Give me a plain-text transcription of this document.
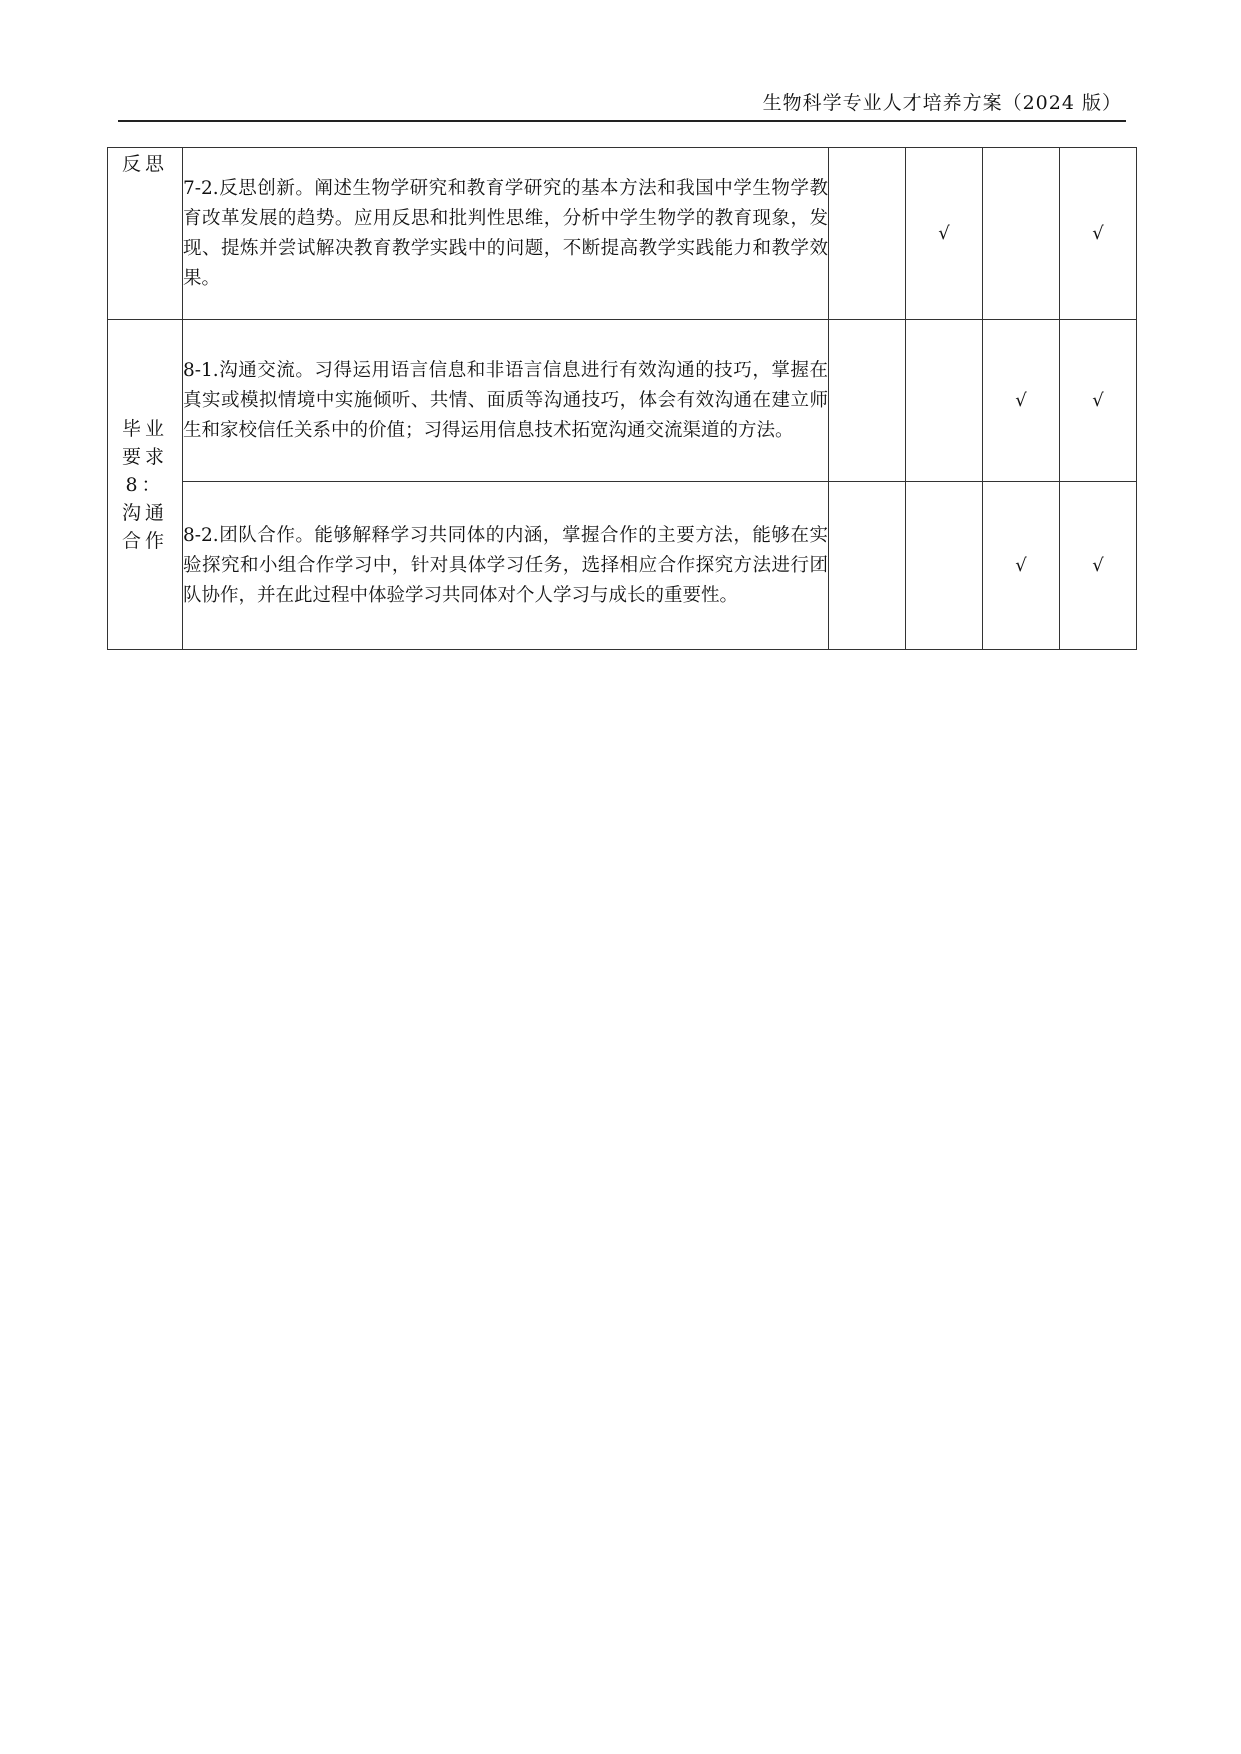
生物科学专业人才培养方案（2024 版）
反思	7-2.反思创新。阐述生物学研究和教育学研究的基本方法和我国中学生物学教育改革发展的趋势。应用反思和批判性思维，分析中学生物学的教育现象，发现、提炼并尝试解决教育教学实践中的问题，不断提高教学实践能力和教学效果。		√		√

毕业
要求
8：
沟通
合作	8-1.沟通交流。习得运用语言信息和非语言信息进行有效沟通的技巧，掌握在真实或模拟情境中实施倾听、共情、面质等沟通技巧，体会有效沟通在建立师生和家校信任关系中的价值；习得运用信息技术拓宽沟通交流渠道的方法。			√	√
	8-2.团队合作。能够解释学习共同体的内涵，掌握合作的主要方法，能够在实验探究和小组合作学习中，针对具体学习任务，选择相应合作探究方法进行团队协作，并在此过程中体验学习共同体对个人学习与成长的重要性。			√	√
